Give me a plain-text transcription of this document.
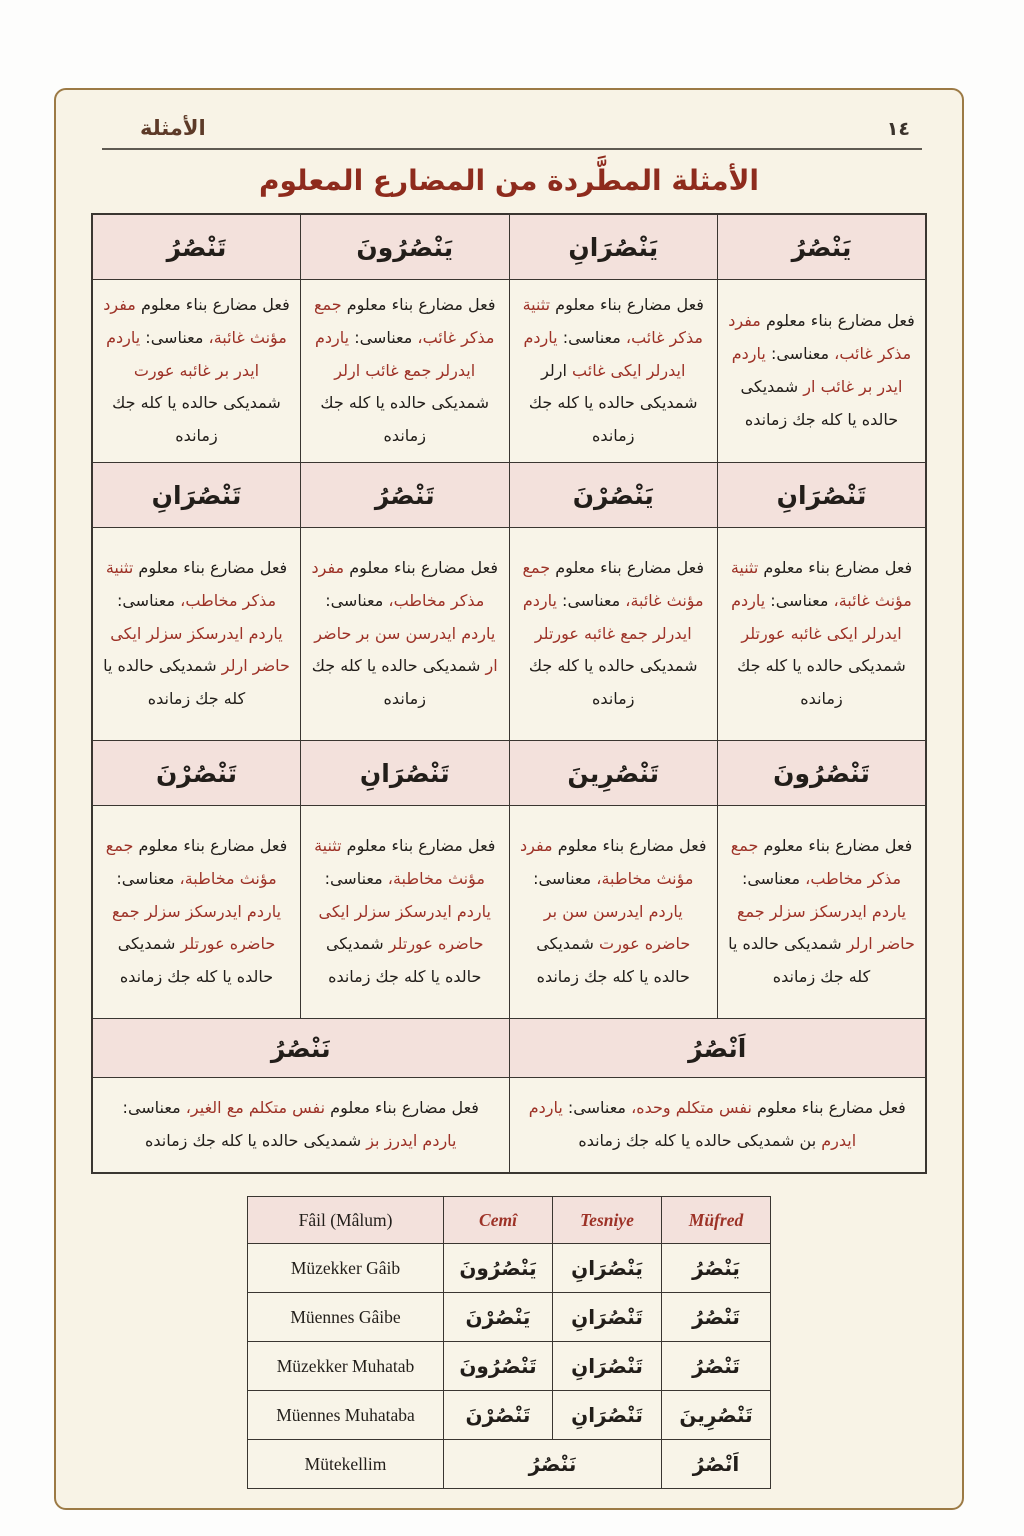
الأمثلة	١٤
الأمثلة المطَّردة من المضارع المعلوم
يَنْصُرُ	يَنْصُرَانِ	يَنْصُرُونَ	تَنْصُرُ
فعل مضارع بناء معلوم مفرد مذكر غائب، معناسى: ياردم ايدر بر غائب ار شمديكى حالده يا كله جك زمانده	فعل مضارع بناء معلوم تثنية مذكر غائب، معناسى: ياردم ايدرلر ايكى غائب ارلر شمديكى حالده يا كله جك زمانده	فعل مضارع بناء معلوم جمع مذكر غائب، معناسى: ياردم ايدرلر جمع غائب ارلر شمديكى حالده يا كله جك زمانده	فعل مضارع بناء معلوم مفرد مؤنث غائبة، معناسى: ياردم ايدر بر غائبه عورت شمديكى حالده يا كله جك زمانده
تَنْصُرَانِ	يَنْصُرْنَ	تَنْصُرُ	تَنْصُرَانِ
فعل مضارع بناء معلوم تثنية مؤنث غائبة، معناسى: ياردم ايدرلر ايكى غائبه عورتلر شمديكى حالده يا كله جك زمانده	فعل مضارع بناء معلوم جمع مؤنث غائبة، معناسى: ياردم ايدرلر جمع غائبه عورتلر شمديكى حالده يا كله جك زمانده	فعل مضارع بناء معلوم مفرد مذكر مخاطب، معناسى: ياردم ايدرسن سن بر حاضر ار شمديكى حالده يا كله جك زمانده	فعل مضارع بناء معلوم تثنية مذكر مخاطب، معناسى: ياردم ايدرسكز سزلر ايكى حاضر ارلر شمديكى حالده يا كله جك زمانده
تَنْصُرُونَ	تَنْصُرِينَ	تَنْصُرَانِ	تَنْصُرْنَ
فعل مضارع بناء معلوم جمع مذكر مخاطب، معناسى: ياردم ايدرسكز سزلر جمع حاضر ارلر شمديكى حالده يا كله جك زمانده	فعل مضارع بناء معلوم مفرد مؤنث مخاطبة، معناسى: ياردم ايدرسن سن بر حاضره عورت شمديكى حالده يا كله جك زمانده	فعل مضارع بناء معلوم تثنية مؤنث مخاطبة، معناسى: ياردم ايدرسكز سزلر ايكى حاضره عورتلر شمديكى حالده يا كله جك زمانده	فعل مضارع بناء معلوم جمع مؤنث مخاطبة، معناسى: ياردم ايدرسكز سزلر جمع حاضره عورتلر شمديكى حالده يا كله جك زمانده
اَنْصُرُ		نَنْصُرُ	
فعل مضارع بناء معلوم نفس متكلم وحده، معناسى: ياردم ايدرم بن شمديكى حالده يا كله جك زمانده		فعل مضارع بناء معلوم نفس متكلم مع الغير، معناسى: ياردم ايدرز بز شمديكى حالده يا كله جك زمانده	
Fâil (Mâlum)	Cemî	Tesniye	Müfred
Müzekker Gâib	يَنْصُرُونَ	يَنْصُرَانِ	يَنْصُرُ
Müennes Gâibe	يَنْصُرْنَ	تَنْصُرَانِ	تَنْصُرُ
Müzekker Muhatab	تَنْصُرُونَ	تَنْصُرَانِ	تَنْصُرُ
Müennes Muhataba	تَنْصُرْنَ	تَنْصُرَانِ	تَنْصُرِينَ
Mütekellim	نَنْصُرُ		اَنْصُرُ
